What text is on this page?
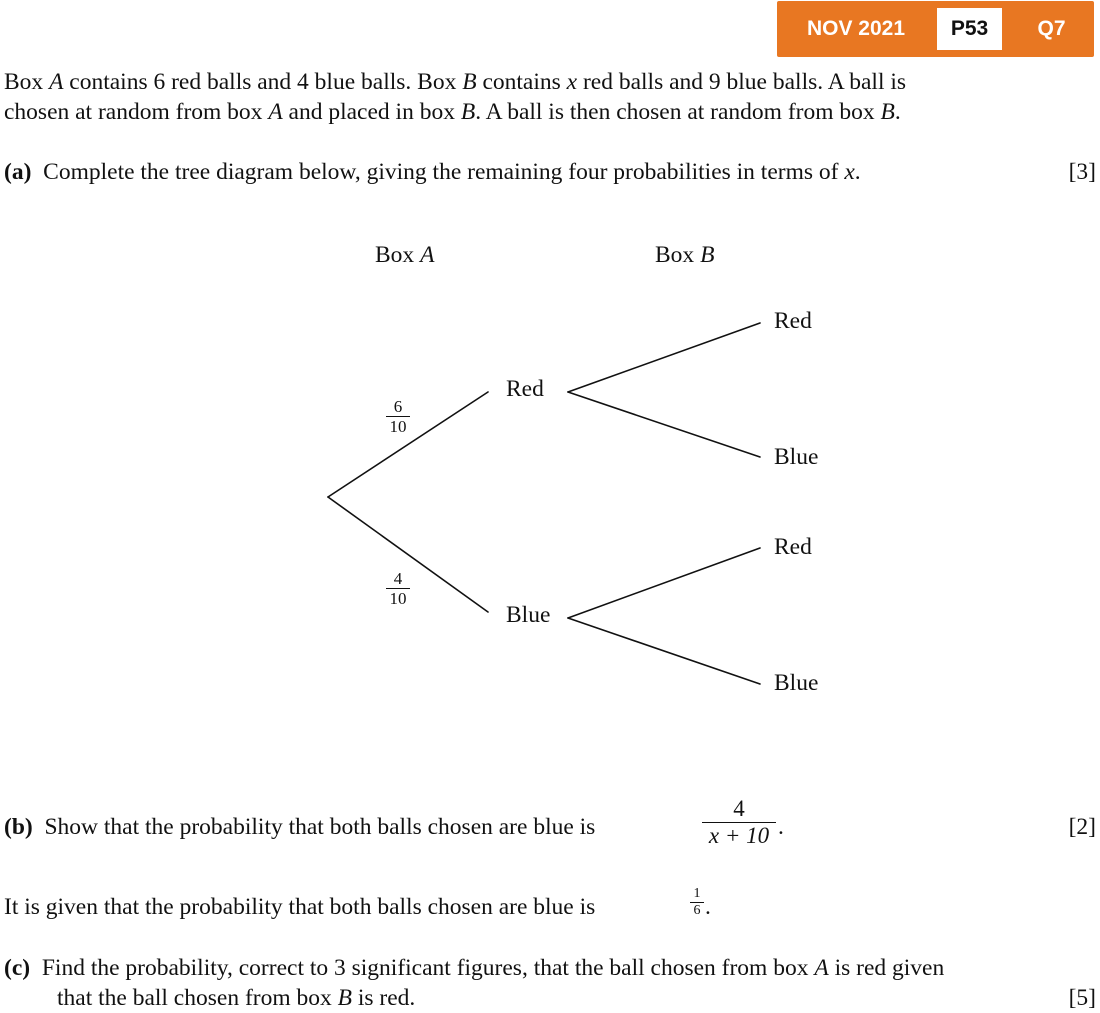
NOV 2021	P53	Q7
Box A contains 6 red balls and 4 blue balls. Box B contains x red balls and 9 blue balls. A ball is
chosen at random from box A and placed in box B. A ball is then chosen at random from box B.
(a) Complete the tree diagram below, giving the remaining four probabilities in terms of x.	[3]
Box A	Box B
Red
Blue
Red
Blue
Red
Blue
6
10
4
10
(b) Show that the probability that both balls chosen are blue is
4
x + 10 .	[2]
It is given that the probability that both balls chosen are blue is
1
6 .
(c) Find the probability, correct to 3 significant figures, that the ball chosen from box A is red given
that the ball chosen from box B is red.	[5]
